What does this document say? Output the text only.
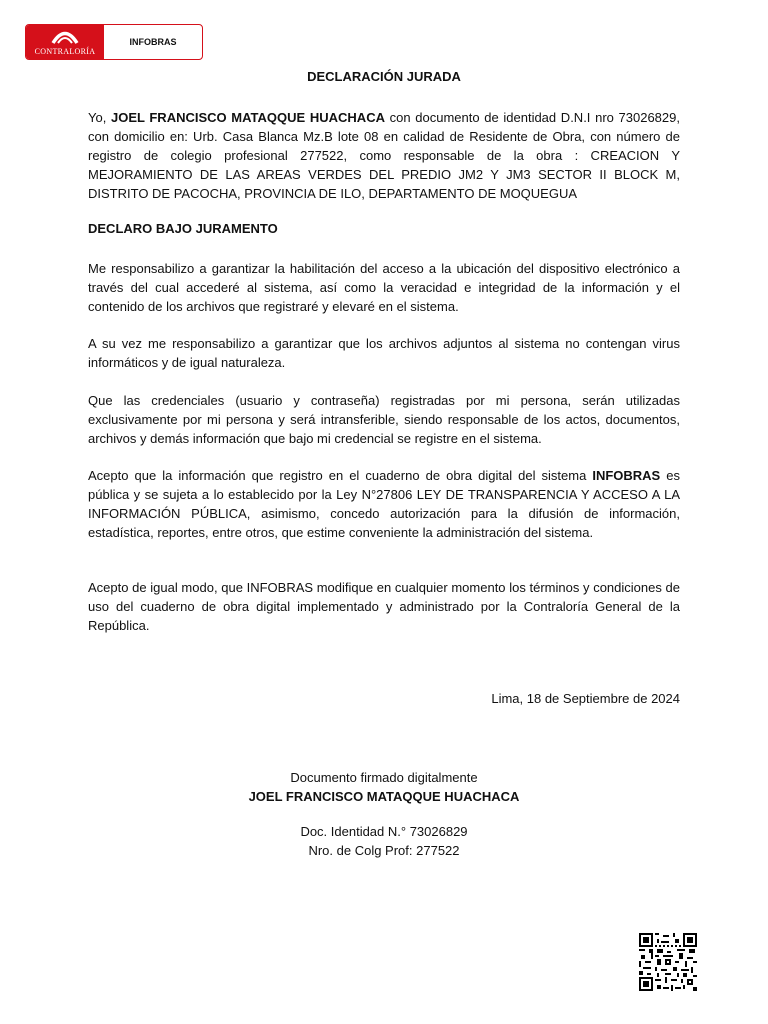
CONTRALORÍA
INFOBRAS
DECLARACIÓN JURADA

Yo, JOEL FRANCISCO MATAQQUE HUACHACA con documento de identidad D.N.I nro 73026829, con domicilio en: Urb. Casa Blanca Mz.B lote 08 en calidad de Residente de Obra, con número de registro de colegio profesional 277522, como responsable de la obra : CREACION Y MEJORAMIENTO DE LAS AREAS VERDES DEL PREDIO JM2 Y JM3 SECTOR II BLOCK M, DISTRITO DE PACOCHA, PROVINCIA DE ILO, DEPARTAMENTO DE MOQUEGUA

DECLARO BAJO JURAMENTO

Me responsabilizo a garantizar la habilitación del acceso a la ubicación del dispositivo electrónico a través del cual accederé al sistema, así como la veracidad e integridad de la información y el contenido de los archivos que registraré y elevaré en el sistema.

A su vez me responsabilizo a garantizar que los archivos adjuntos al sistema no contengan virus informáticos y de igual naturaleza.

Que las credenciales (usuario y contraseña) registradas por mi persona, serán utilizadas exclusivamente por mi persona y será intransferible, siendo responsable de los actos, documentos, archivos y demás información que bajo mi credencial se registre en el sistema.

Acepto que la información que registro en el cuaderno de obra digital del sistema INFOBRAS es pública y se sujeta a lo establecido por la Ley N°27806 LEY DE TRANSPARENCIA Y ACCESO A LA INFORMACIÓN PÚBLICA, asimismo, concedo autorización para la difusión de información, estadística, reportes, entre otros, que estime conveniente la administración del sistema.

Acepto de igual modo, que INFOBRAS modifique en cualquier momento los términos y condiciones de uso del cuaderno de obra digital implementado y administrado por la Contraloría General de la República.

Lima, 18 de Septiembre de 2024
Documento firmado digitalmente
JOEL FRANCISCO MATAQQUE HUACHACA
Doc. Identidad N.° 73026829
Nro. de Colg Prof: 277522
